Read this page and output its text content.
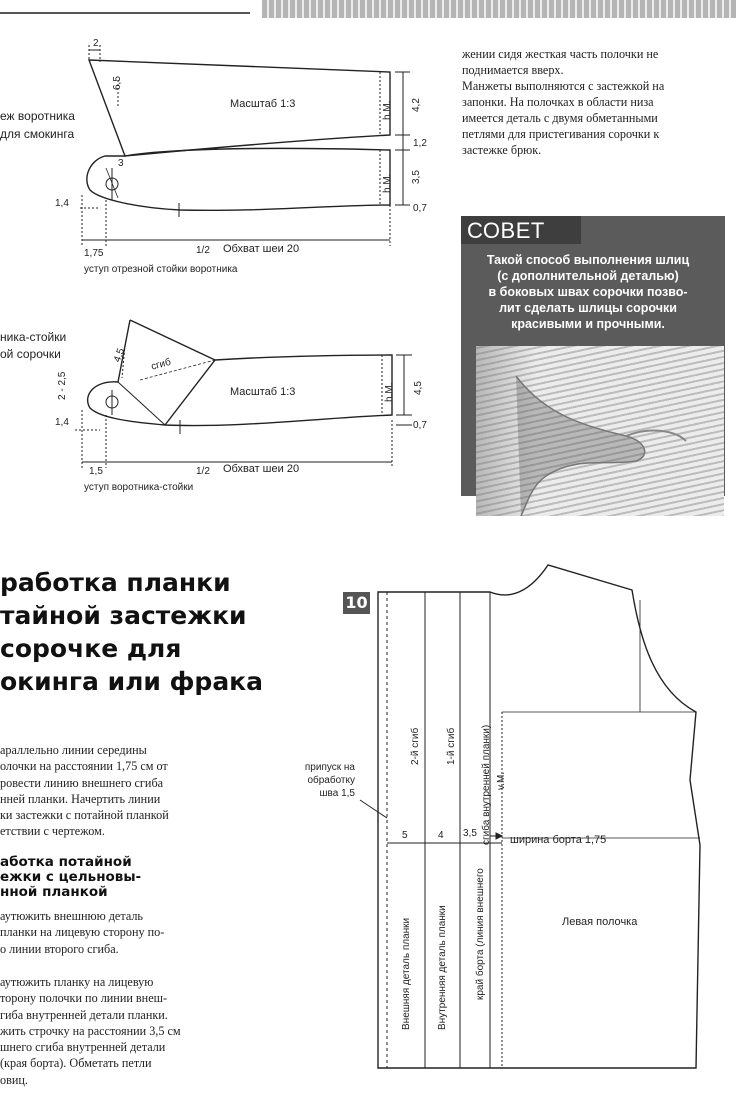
еж воротника
для смокинга
2
6,5
3
Масштаб 1:3	h.M.
h.M.
4,2
1,2
3,5
0,7
1,4
1,75	1/2 Обхват шеи 20
уступ отрезной стойки воротника
ника-стойки
ой сорочки	4,5
сгиб
2 - 2,5
1,4
Масштаб 1:3	h.M. 4,5
0,7
1,5	1/2 Обхват шеи 20
уступ воротника-стойки

жении сидя жесткая часть полочки не

поднимается вверх.

Манжеты выполняются с застежкой на

запонки. На полочках в области низа

имеется деталь с двумя обметанными

петлями для пристегивания сорочки к

застежке брюк.

СОВЕТ
Такой способ выполнения шлиц
(с дополнительной деталью)
в боковых швах сорочки позво-
лит сделать шлицы сорочки
красивыми и прочными.
работка планки
тайной застежки
сорочке для
окинга или фрака
араллельно линии середины
олочки на расстоянии 1,75 см от
ровести линию внешнего сгиба
нней планки. Начертить линии
ки застежки с потайной планкой
етствии с чертежом.
аботка потайной
ежки с цельновы-
нной планкой
аутюжить внешнюю деталь
планки на лицевую сторону по-
о линии второго сгиба.
аутюжить планку на лицевую
торону полочки по линии внеш-
гиба внутренней детали планки.
жить строчку на расстоянии 3,5 см
шнего сгиба внутренней детали
(края борта). Обметать петли
овиц.
10
припуск на
обработку
шва 1,5
5	4 3,5
ширина борта 1,75
Левая полочка
2-й сгиб	1-й сгиб сгиба внутренней планки) v.M.
Внешняя деталь планки	Внутренняя деталь планки	край борта (линия внешнего
